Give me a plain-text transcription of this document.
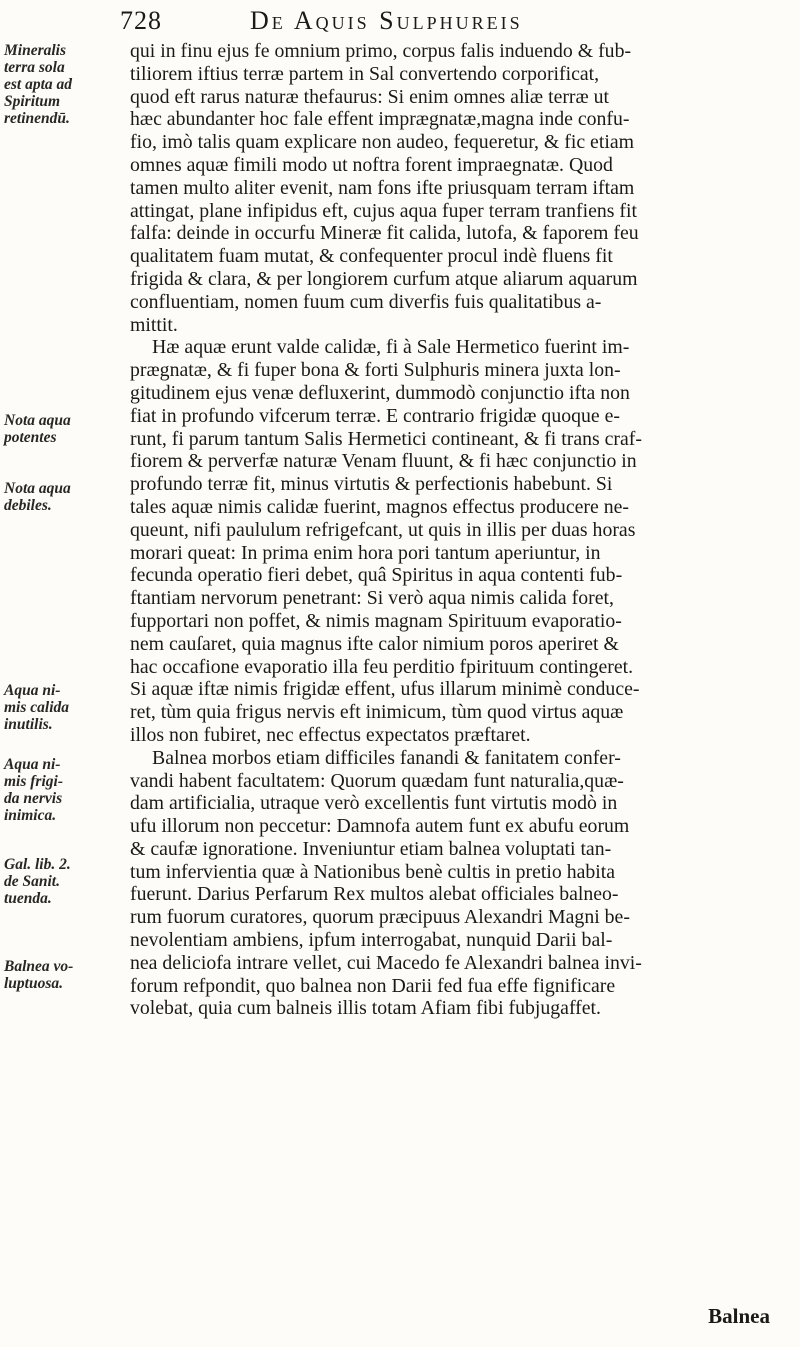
728	De Aquis Sulphureis
Mineralis
terra sola
est apta ad
Spiritum
retinendū.
Nota aqua
potentes
Nota aqua
debiles.
Aqua ni-
mis calida
inutilis.
Aqua ni-
mis frigi-
da nervis
inimica.
Gal. lib. 2.
de Sanit.
tuenda.
Balnea vo-
luptuosa.
qui in finu ejus fe omnium primo, corpus falis induendo & fub-
tiliorem iftius terræ partem in Sal convertendo corporificat,
quod eft rarus naturæ thefaurus: Si enim omnes aliæ terræ ut
hæc abundanter hoc fale effent imprægnatæ,magna inde confu-
fio, imò talis quam explicare non audeo, fequeretur, & fic etiam
omnes aquæ fimili modo ut noftra forent impraegnatæ. Quod
tamen multo aliter evenit, nam fons ifte priusquam terram iftam
attingat, plane infipidus eft, cujus aqua fuper terram tranfiens fit
falfa: deinde in occurfu Mineræ fit calida, lutofa, & faporem feu
qualitatem fuam mutat, & confequenter procul indè fluens fit
frigida & clara, & per longiorem curfum atque aliarum aquarum
confluentiam, nomen fuum cum diverfis fuis qualitatibus a-
mittit.
Hæ aquæ erunt valde calidæ, fi à Sale Hermetico fuerint im-
prægnatæ, & fi fuper bona & forti Sulphuris minera juxta lon-
gitudinem ejus venæ defluxerint, dummodò conjunctio ifta non
fiat in profundo vifcerum terræ. E contrario frigidæ quoque e-
runt, fi parum tantum Salis Hermetici contineant, & fi trans craf-
fiorem & perverfæ naturæ Venam fluunt, & fi hæc conjunctio in
profundo terræ fit, minus virtutis & perfectionis habebunt. Si
tales aquæ nimis calidæ fuerint, magnos effectus producere ne-
queunt, nifi paululum refrigefcant, ut quis in illis per duas horas
morari queat: In prima enim hora pori tantum aperiuntur, in
fecunda operatio fieri debet, quâ Spiritus in aqua contenti fub-
ftantiam nervorum penetrant: Si verò aqua nimis calida foret,
fupportari non poffet, & nimis magnam Spirituum evaporatio-
nem cauſaret, quia magnus ifte calor nimium poros aperiret &
hac occafione evaporatio illa feu perditio fpirituum contingeret.
Si aquæ iftæ nimis frigidæ effent, ufus illarum minimè conduce-
ret, tùm quia frigus nervis eft inimicum, tùm quod virtus aquæ
illos non fubiret, nec effectus expectatos præftaret.
Balnea morbos etiam difficiles fanandi & fanitatem confer-
vandi habent facultatem: Quorum quædam funt naturalia,quæ-
dam artificialia, utraque verò excellentis funt virtutis modò in
ufu illorum non peccetur: Damnofa autem funt ex abufu eorum
& caufæ ignoratione. Inveniuntur etiam balnea voluptati tan-
tum infervientia quæ à Nationibus benè cultis in pretio habita
fuerunt. Darius Perfarum Rex multos alebat officiales balneo-
rum fuorum curatores, quorum præcipuus Alexandri Magni be-
nevolentiam ambiens, ipfum interrogabat, nunquid Darii bal-
nea deliciofa intrare vellet, cui Macedo fe Alexandri balnea invi-
forum refpondit, quo balnea non Darii fed fua effe fignificare
volebat, quia cum balneis illis totam Afiam fibi fubjugaffet.
Balnea
